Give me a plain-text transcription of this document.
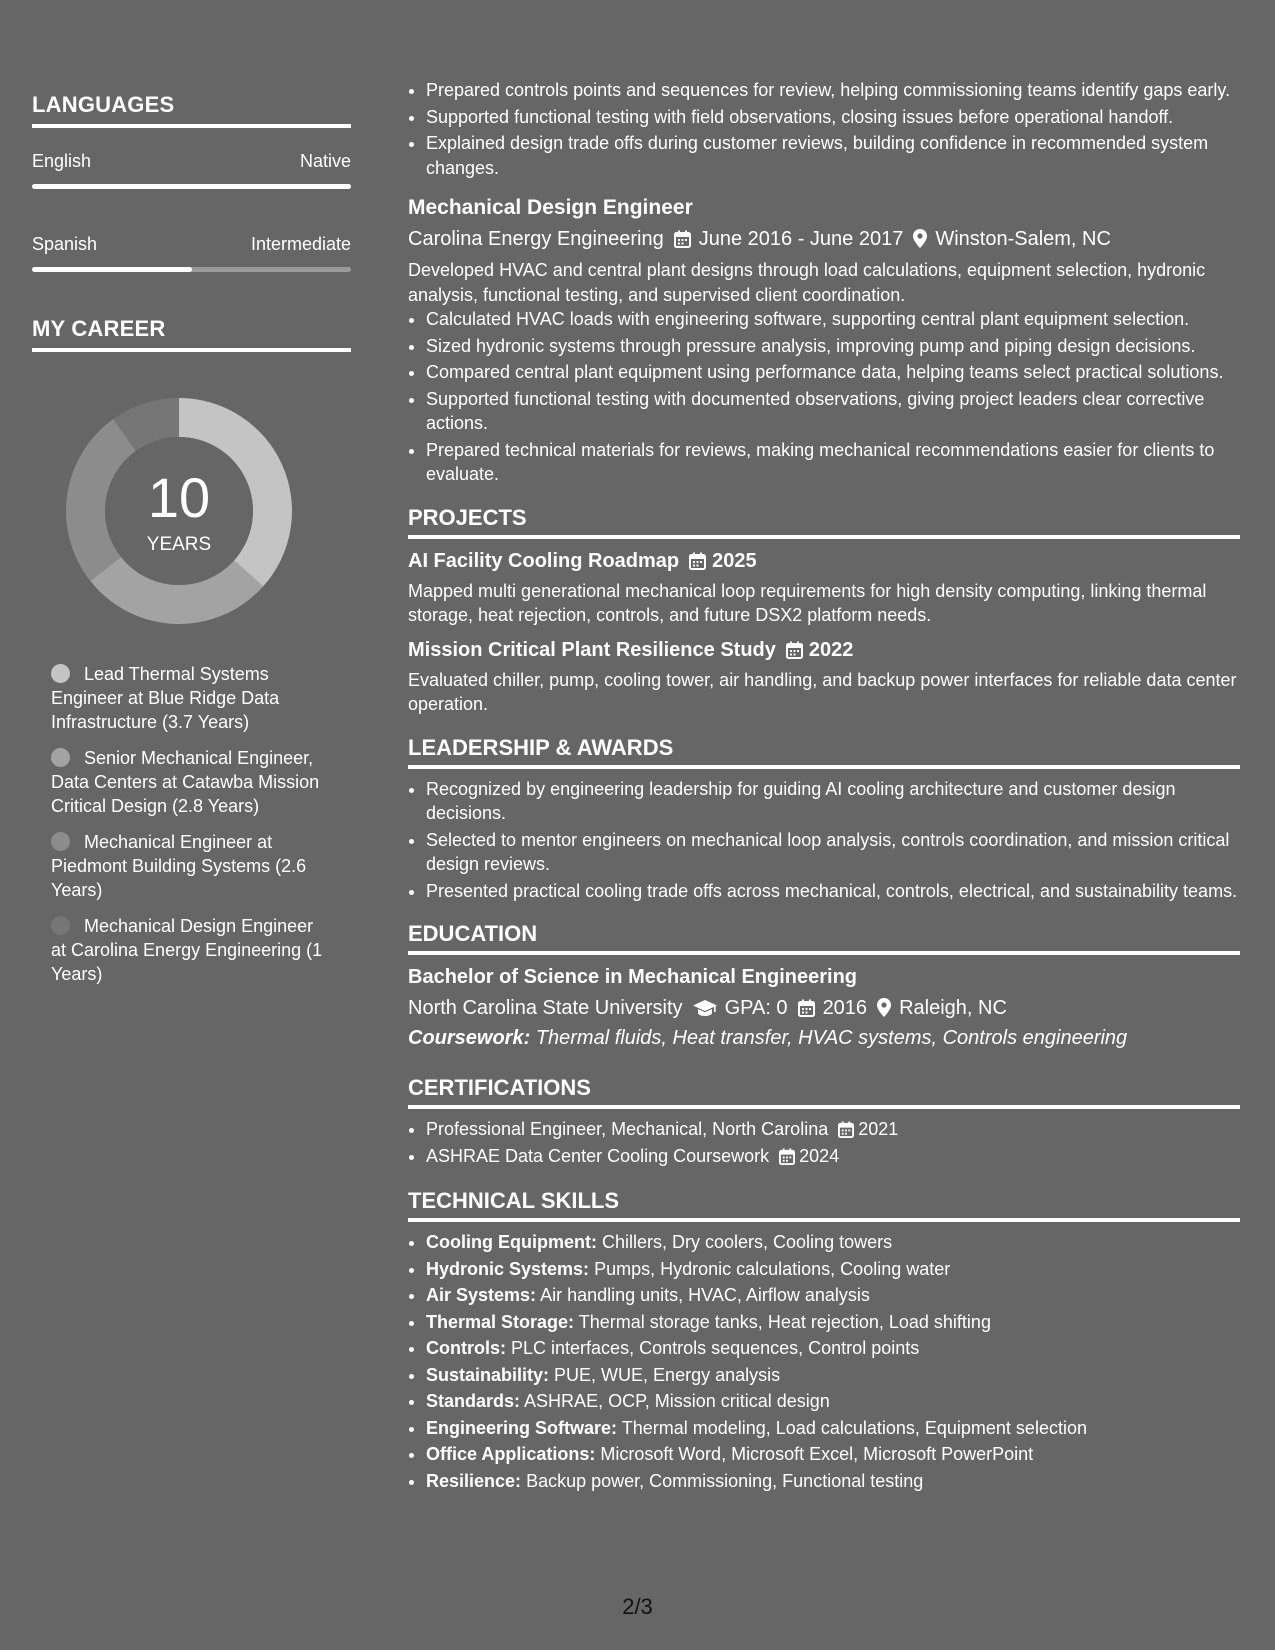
LANGUAGES
English	Native
Spanish	Intermediate
MY CAREER
10
YEARS
Lead Thermal Systems Engineer at Blue Ridge Data Infrastructure (3.7 Years)
Senior Mechanical Engineer, Data Centers at Catawba Mission Critical Design (2.8 Years)
Mechanical Engineer at Piedmont Building Systems (2.6 Years)
Mechanical Design Engineer at Carolina Energy Engineering (1 Years)
• Prepared controls points and sequences for review, helping commissioning teams identify gaps early.
• Supported functional testing with field observations, closing issues before operational handoff.
• Explained design trade offs during customer reviews, building confidence in recommended system changes.
Mechanical Design Engineer
Carolina Energy Engineering June 2016 - June 2017 Winston-Salem, NC
Developed HVAC and central plant designs through load calculations, equipment selection, hydronic analysis, functional testing, and supervised client coordination.
• Calculated HVAC loads with engineering software, supporting central plant equipment selection.
• Sized hydronic systems through pressure analysis, improving pump and piping design decisions.
• Compared central plant equipment using performance data, helping teams select practical solutions.
• Supported functional testing with documented observations, giving project leaders clear corrective actions.
• Prepared technical materials for reviews, making mechanical recommendations easier for clients to evaluate.
PROJECTS
AI Facility Cooling Roadmap 2025
Mapped multi generational mechanical loop requirements for high density computing, linking thermal storage, heat rejection, controls, and future DSX2 platform needs.
Mission Critical Plant Resilience Study 2022
Evaluated chiller, pump, cooling tower, air handling, and backup power interfaces for reliable data center operation.
LEADERSHIP & AWARDS
• Recognized by engineering leadership for guiding AI cooling architecture and customer design decisions.
• Selected to mentor engineers on mechanical loop analysis, controls coordination, and mission critical design reviews.
• Presented practical cooling trade offs across mechanical, controls, electrical, and sustainability teams.
EDUCATION
Bachelor of Science in Mechanical Engineering
North Carolina State University GPA: 0 2016 Raleigh, NC
Coursework: Thermal fluids, Heat transfer, HVAC systems, Controls engineering
CERTIFICATIONS
• Professional Engineer, Mechanical, North Carolina 2021
• ASHRAE Data Center Cooling Coursework 2024
TECHNICAL SKILLS
• Cooling Equipment: Chillers, Dry coolers, Cooling towers
• Hydronic Systems: Pumps, Hydronic calculations, Cooling water
• Air Systems: Air handling units, HVAC, Airflow analysis
• Thermal Storage: Thermal storage tanks, Heat rejection, Load shifting
• Controls: PLC interfaces, Controls sequences, Control points
• Sustainability: PUE, WUE, Energy analysis
• Standards: ASHRAE, OCP, Mission critical design
• Engineering Software: Thermal modeling, Load calculations, Equipment selection
• Office Applications: Microsoft Word, Microsoft Excel, Microsoft PowerPoint
• Resilience: Backup power, Commissioning, Functional testing
2/3
